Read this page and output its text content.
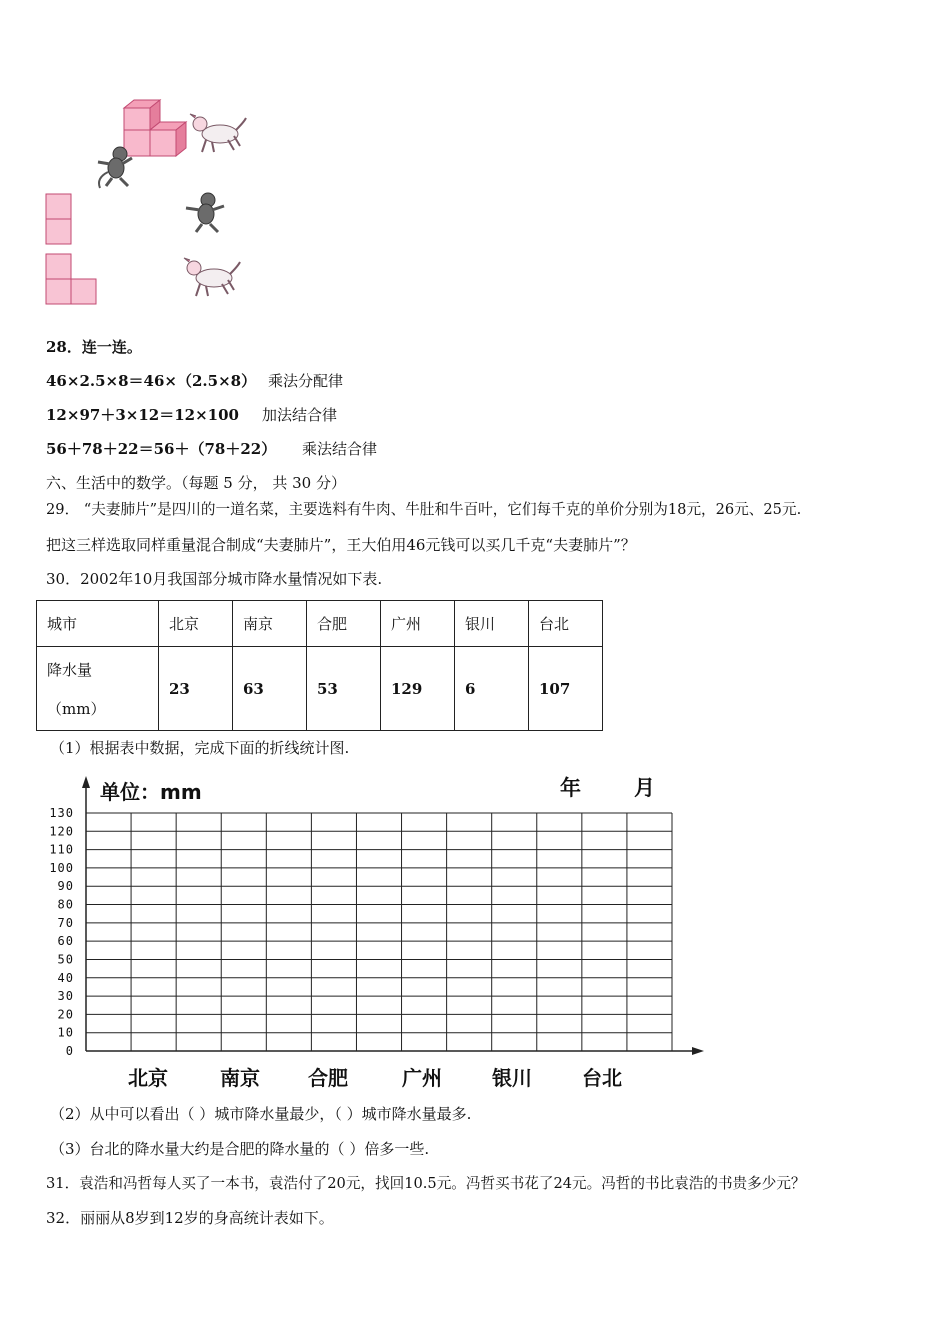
28．连一连。
46×2.5×8＝46×（2.5×8） 乘法分配律
12×97＋3×12＝12×100 加法结合律
56＋78＋22＝56＋（78＋22） 乘法结合律
六、生活中的数学。（每题 5 分， 共 30 分）
29． “夫妻肺片”是四川的一道名菜，主要选料有牛肉、牛肚和牛百叶，它们每千克的单价分别为18元，26元、25元.
把这三样选取同样重量混合制成“夫妻肺片”，王大伯用46元钱可以买几千克“夫妻肺片”？
30．2002年10月我国部分城市降水量情况如下表.
城市	北京	南京	合肥	广州	银川	台北

降水量
（mm）	23	63	53	129	6	107
（1）根据表中数据，完成下面的折线统计图.
单位：mm	年	月
0
10
20
30
40
50
60
70
80
90
100
110
120
130
北京	南京 合肥	广州	银川	台北
（2）从中可以看出（ ）城市降水量最少，（ ）城市降水量最多.
（3）台北的降水量大约是合肥的降水量的（ ）倍多一些.
31．袁浩和冯哲每人买了一本书，袁浩付了20元，找回10.5元。冯哲买书花了24元。冯哲的书比袁浩的书贵多少元？
32．丽丽从8岁到12岁的身高统计表如下。
